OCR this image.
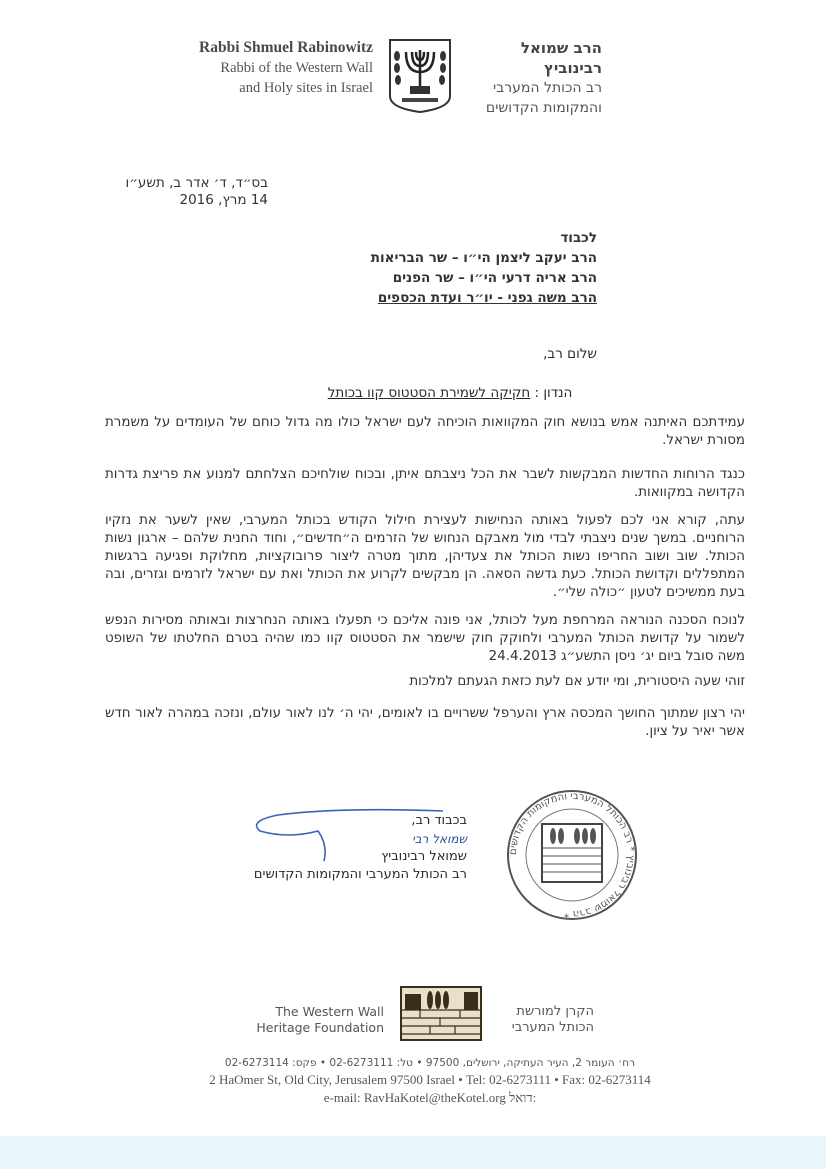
Rabbi Shmuel Rabinowitz
Rabbi of the Western Wall
and Holy sites in Israel
הרב שמואל רבינוביץ
רב הכותל המערבי
והמקומות הקדושים
בס״ד, ד׳ אדר ב, תשע״ו
14 מרץ, 2016
לכבוד
הרב יעקב ליצמן הי״ו – שר הבריאות
הרב אריה דרעי הי״ו – שר הפנים
הרב משה גפני - יו״ר ועדת הכספים
שלום רב,
הנדון : חקיקה לשמירת הסטטוס קוו בכותל
עמידתכם האיתנה אמש בנושא חוק המקוואות הוכיחה לעם ישראל כולו מה גדול כוחם של העומדים על משמרת מסורת ישראל.
כנגד הרוחות החדשות המבקשות לשבר את הכל ניצבתם איתן, ובכוח שולחיכם הצלחתם למנוע את פריצת גדרות הקדושה במקוואות.
עתה, קורא אני לכם לפעול באותה הנחישות לעצירת חילול הקודש בכותל המערבי, שאין לשער את נזקיו הרוחניים. במשך שנים ניצבתי לבדי מול מאבקם הנחוש של הזרמים ה״חדשים״, וחוד החנית שלהם – ארגון נשות הכותל. שוב ושוב החריפו נשות הכותל את צעדיהן, מתוך מטרה ליצור פרובוקציות, מחלוקת ופגיעה ברגשות המתפללים וקדושת הכותל. כעת גדשה הסאה. הן מבקשים לקרוע את הכותל ואת עם ישראל לזרמים וגזרים, ובה בעת ממשיכים לטעון ״כולה שלי״.
לנוכח הסכנה הנוראה המרחפת מעל לכותל, אני פונה אליכם כי תפעלו באותה הנחרצות ובאותה מסירות הנפש לשמור על קדושת הכותל המערבי ולחוקק חוק שישמר את הסטטוס קוו כמו שהיה בטרם החלטתו של השופט משה סובל ביום יג׳ ניסן התשע״ג 24.4.2013
זוהי שעה היסטורית, ומי יודע אם לעת כזאת הגעתם למלכות
יהי רצון שמתוך החושך המכסה ארץ והערפל ששרויים בו לאומים, יהי ה׳ לנו לאור עולם, ונזכה במהרה לאור חדש אשר יאיר על ציון.
בכבוד רב,
שמואל רבי
שמואל רבינוביץ
רב הכותל המערבי והמקומות הקדושים
הרב שמואל רבינוביץ * רב הכותל המערבי והמקומות הקדושים *
The Western Wall
Heritage Foundation
הקרן למורשת
הכותל המערבי
רח׳ העומר 2, העיר העתיקה, ירושלים, 97500 • טל: 02-6273111 • פקס: 02-6273114
2 HaOmer St, Old City, Jerusalem 97500 Israel • Tel: 02-6273111 • Fax: 02-6273114
e-mail: RavHaKotel@theKotel.org דואל:
